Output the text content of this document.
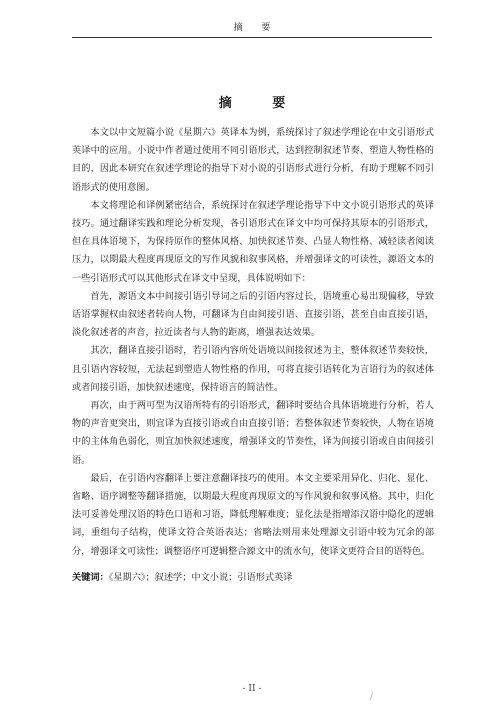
摘 要
摘 要

本文以中文短篇小说《星期六》英译本为例，系统探讨了叙述学理论在中文引语形式英译中的应用。小说中作者通过使用不同引语形式，达到控制叙述节奏、塑造人物性格的目的，因此本研究在叙述学理论的指导下对小说的引语形式进行分析，有助于理解不同引语形式的使用意图。

本文将理论和译例紧密结合，系统探讨在叙述学理论指导下中文小说引语形式的英译技巧。通过翻译实践和理论分析发现，各引语形式在译文中均可保持其原本的引语形式，但在具体语境下，为保持原作的整体风格、加快叙述节奏、凸显人物性格、减轻读者阅读压力，以期最大程度再现原文的写作风貌和叙事风格，并增强译文的可读性，源语文本的一些引语形式可以其他形式在译文中呈现，具体说明如下：

首先，源语文本中间接引语引导词之后的引语内容过长，语境重心易出现偏移，导致话语掌握权由叙述者转向人物，可翻译为自由间接引语、直接引语，甚至自由直接引语，淡化叙述者的声音，拉近读者与人物的距离，增强表达效果。

其次，翻译直接引语时，若引语内容所处语境以间接叙述为主，整体叙述节奏较快，且引语内容较短，无法起到塑造人物性格的作用，可将直接引语转化为言语行为的叙述体或者间接引语，加快叙述速度，保持语言的简洁性。

再次，由于两可型为汉语所特有的引语形式，翻译时要结合具体语境进行分析，若人物的声音更突出，则宜译为直接引语或自由直接引语；若整体叙述节奏较快，人物在语境中的主体角色弱化，则宜加快叙述速度，增强译文的节奏性，译为间接引语或自由间接引语。

最后，在引语内容翻译上要注意翻译技巧的使用。本文主要采用异化、归化、显化、省略、语序调整等翻译措施，以期最大程度再现原文的写作风貌和叙事风格。其中，归化法可妥善处理汉语的特色口语和习语，降低理解难度；显化法是指增添汉语中隐化的逻辑词，重组句子结构，使译文符合英语表达；省略法则用来处理源文引语中较为冗余的部分，增强译文可读性；调整语序可逻辑整合源文中的流水句，使译文更符合目的语特色。

关键词：《星期六》；叙述学；中文小说；引语形式英译
- II -
/
